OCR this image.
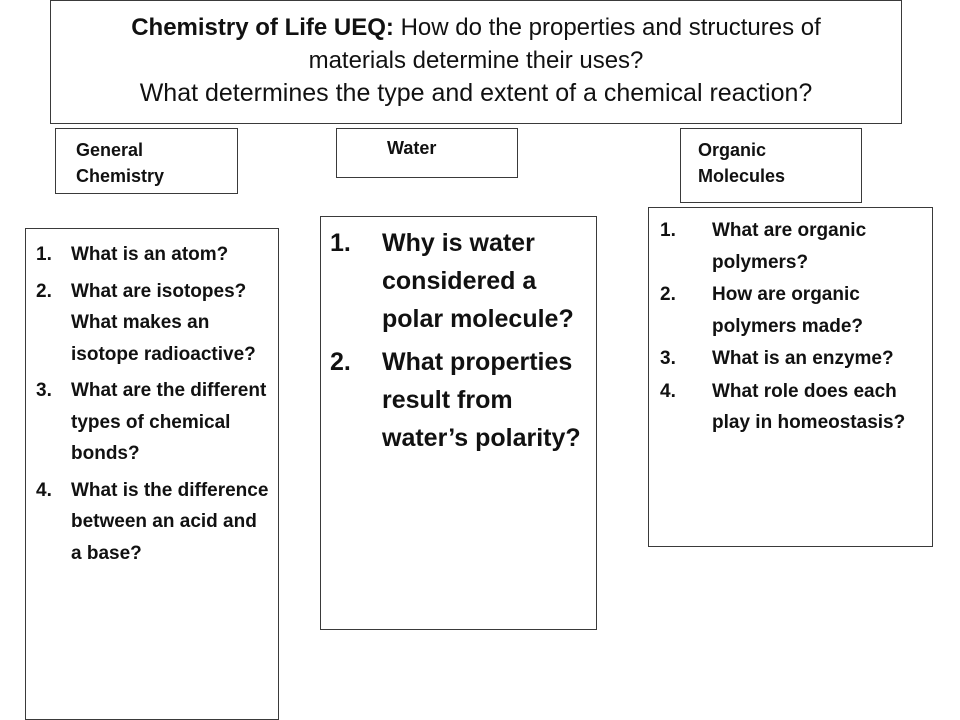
Chemistry of Life UEQ: How do the properties and structures of
materials determine their uses?
What determines the type and extent of a chemical reaction?
General
Chemistry
Water	Organic
Molecules
1. What is an atom?
2. What are isotopes? What makes an isotope radioactive?
3. What are the different types of chemical bonds?
4. What is the difference between an acid and a base?
1. Why is water considered a polar molecule?
2. What properties result from water’s polarity?
1. What are organic polymers?
2. How are organic polymers made?
3. What is an enzyme?
4. What role does each play in homeostasis?
